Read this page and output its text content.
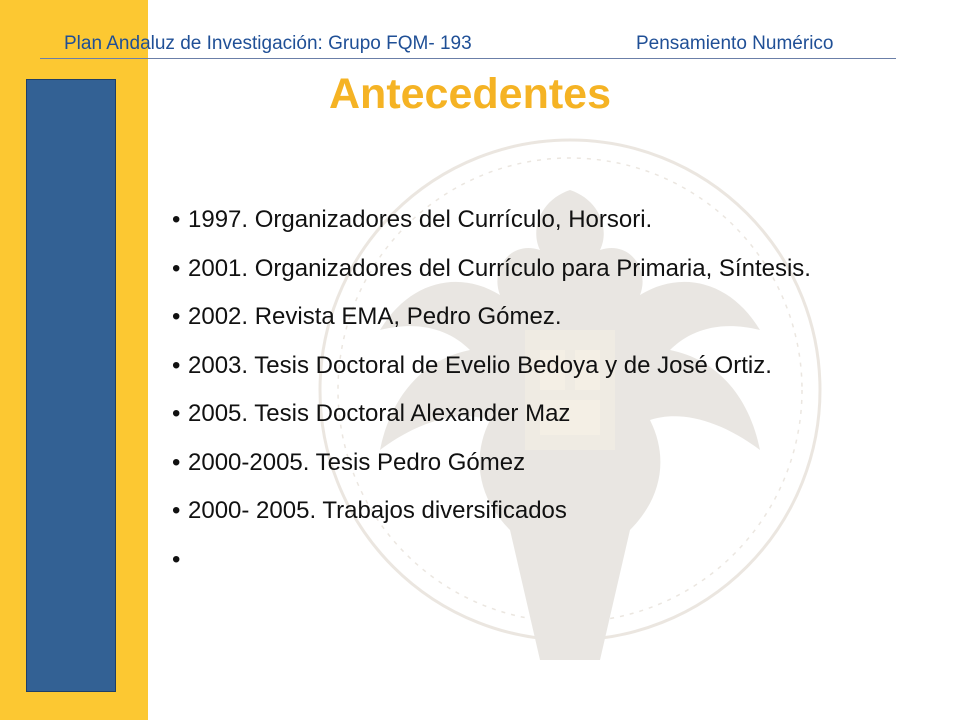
Plan Andaluz de Investigación: Grupo FQM- 193	Pensamiento Numérico
Antecedentes
• 1997. Organizadores del Currículo, Horsori.
• 2001. Organizadores del Currículo para Primaria, Síntesis.
• 2002. Revista EMA, Pedro Gómez.
• 2003. Tesis Doctoral de Evelio Bedoya y de José Ortiz.
• 2005. Tesis Doctoral Alexander Maz
• 2000-2005. Tesis Pedro Gómez
• 2000- 2005. Trabajos diversificados
•
